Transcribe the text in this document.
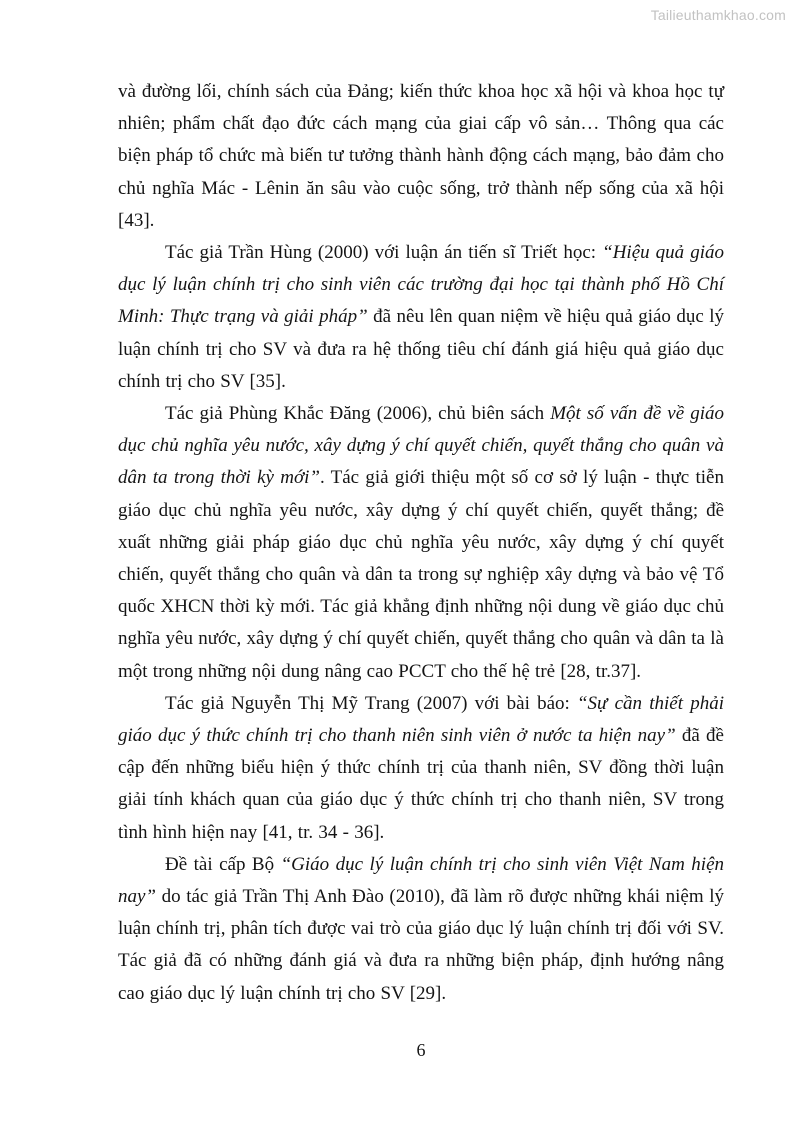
Tailieuthamkhao.com

và đường lối, chính sách của Đảng; kiến thức khoa học xã hội và khoa học tự nhiên; phẩm chất đạo đức cách mạng của giai cấp vô sản… Thông qua các biện pháp tổ chức mà biến tư tưởng thành hành động cách mạng, bảo đảm cho chủ nghĩa Mác - Lênin ăn sâu vào cuộc sống, trở thành nếp sống của xã hội [43].

Tác giả Trần Hùng (2000) với luận án tiến sĩ Triết học: “Hiệu quả giáo dục lý luận chính trị cho sinh viên các trường đại học tại thành phố Hồ Chí Minh: Thực trạng và giải pháp” đã nêu lên quan niệm về hiệu quả giáo dục lý luận chính trị cho SV và đưa ra hệ thống tiêu chí đánh giá hiệu quả giáo dục chính trị cho SV [35].

Tác giả Phùng Khắc Đăng (2006), chủ biên sách Một số vấn đề về giáo dục chủ nghĩa yêu nước, xây dựng ý chí quyết chiến, quyết thắng cho quân và dân ta trong thời kỳ mới”. Tác giả giới thiệu một số cơ sở lý luận - thực tiễn giáo dục chủ nghĩa yêu nước, xây dựng ý chí quyết chiến, quyết thắng; đề xuất những giải pháp giáo dục chủ nghĩa yêu nước, xây dựng ý chí quyết chiến, quyết thắng cho quân và dân ta trong sự nghiệp xây dựng và bảo vệ Tổ quốc XHCN thời kỳ mới. Tác giả khẳng định những nội dung về giáo dục chủ nghĩa yêu nước, xây dựng ý chí quyết chiến, quyết thắng cho quân và dân ta là một trong những nội dung nâng cao PCCT cho thế hệ trẻ [28, tr.37].

Tác giả Nguyễn Thị Mỹ Trang (2007) với bài báo: “Sự cần thiết phải giáo dục ý thức chính trị cho thanh niên sinh viên ở nước ta hiện nay” đã đề cập đến những biểu hiện ý thức chính trị của thanh niên, SV đồng thời luận giải tính khách quan của giáo dục ý thức chính trị cho thanh niên, SV trong tình hình hiện nay [41, tr. 34 - 36].

Đề tài cấp Bộ “Giáo dục lý luận chính trị cho sinh viên Việt Nam hiện nay” do tác giả Trần Thị Anh Đào (2010), đã làm rõ được những khái niệm lý luận chính trị, phân tích được vai trò của giáo dục lý luận chính trị đối với SV. Tác giả đã có những đánh giá và đưa ra những biện pháp, định hướng nâng cao giáo dục lý luận chính trị cho SV [29].

6
